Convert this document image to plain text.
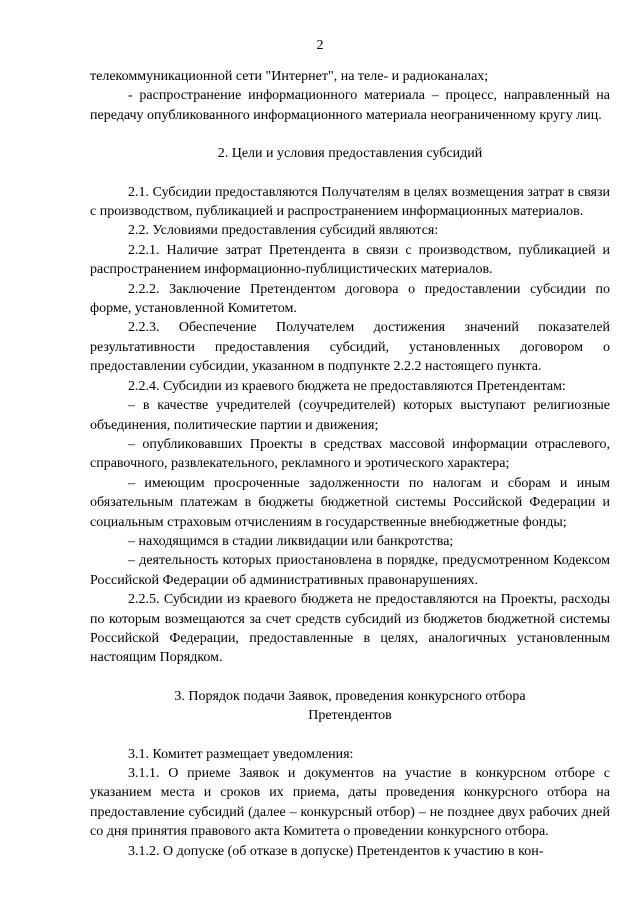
2

телекоммуникационной сети "Интернет", на теле- и радиоканалах;

- распространение информационного материала – процесс, направленный на передачу опубликованного информационного материала неограниченному кругу лиц.

2. Цели и условия предоставления субсидий

2.1. Субсидии предоставляются Получателям в целях возмещения затрат в связи с производством, публикацией и распространением информационных материалов.

2.2. Условиями предоставления субсидий являются:

2.2.1. Наличие затрат Претендента в связи с производством, публикацией и распространением информационно-публицистических материалов.

2.2.2. Заключение Претендентом договора о предоставлении субсидии по форме, установленной Комитетом.

2.2.3. Обеспечение Получателем достижения значений показателей результативности предоставления субсидий, установленных договором о предоставлении субсидии, указанном в подпункте 2.2.2 настоящего пункта.

2.2.4. Субсидии из краевого бюджета не предоставляются Претендентам:

– в качестве учредителей (соучредителей) которых выступают религиозные объединения, политические партии и движения;

– опубликовавших Проекты в средствах массовой информации отраслевого, справочного, развлекательного, рекламного и эротического характера;

– имеющим просроченные задолженности по налогам и сборам и иным обязательным платежам в бюджеты бюджетной системы Российской Федерации и социальным страховым отчислениям в государственные внебюджетные фонды;

– находящимся в стадии ликвидации или банкротства;

– деятельность которых приостановлена в порядке, предусмотренном Кодексом Российской Федерации об административных правонарушениях.

2.2.5. Субсидии из краевого бюджета не предоставляются на Проекты, расходы по которым возмещаются за счет средств субсидий из бюджетов бюджетной системы Российской Федерации, предоставленные в целях, аналогичных установленным настоящим Порядком.

3. Порядок подачи Заявок, проведения конкурсного отбора
Претендентов

3.1. Комитет размещает уведомления:

3.1.1. О приеме Заявок и документов на участие в конкурсном отборе с указанием места и сроков их приема, даты проведения конкурсного отбора на предоставление субсидий (далее – конкурсный отбор) – не позднее двух рабочих дней со дня принятия правового акта Комитета о проведении конкурсного отбора.

3.1.2. О допуске (об отказе в допуске) Претендентов к участию в кон-
